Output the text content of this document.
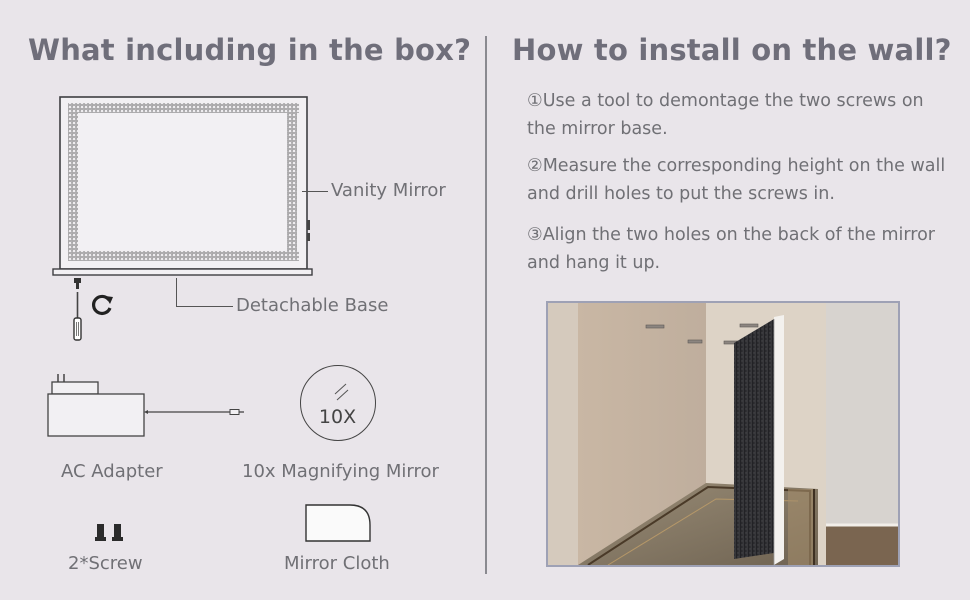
What including in the box?
Vanity Mirror
Detachable Base
AC Adapter
10X
10x Magnifying Mirror
2*Screw	Mirror Cloth
How to install on the wall?
①Use a tool to demontage the two screws on the mirror base.
②Measure the corresponding height on the wall and drill holes to put the screws in.
③Align the two holes on the back of the mirror and hang it up.
